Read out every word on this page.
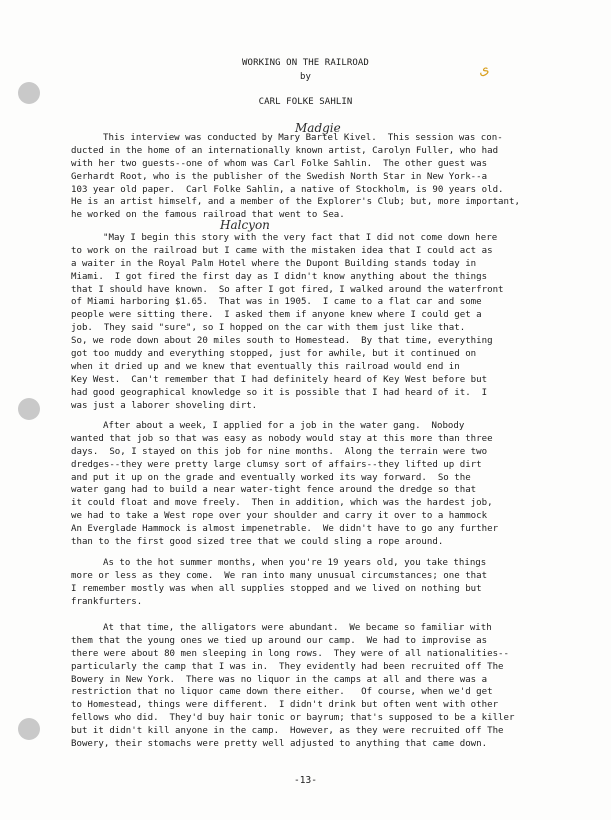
WORKING ON THE RAILROAD
by
CARL FOLKE SAHLIN
ی
Madgie
Halcyon
This interview was conducted by Mary Bartel Kivel.  This session was con-
ducted in the home of an internationally known artist, Carolyn Fuller, who had
with her two guests--one of whom was Carl Folke Sahlin.  The other guest was
Gerhardt Root, who is the publisher of the Swedish North Star in New York--a
103 year old paper.  Carl Folke Sahlin, a native of Stockholm, is 90 years old.
He is an artist himself, and a member of the Explorer's Club; but, more important,
he worked on the famous railroad that went to Sea.
"May I begin this story with the very fact that I did not come down here
to work on the railroad but I came with the mistaken idea that I could act as
a waiter in the Royal Palm Hotel where the Dupont Building stands today in
Miami.  I got fired the first day as I didn't know anything about the things
that I should have known.  So after I got fired, I walked around the waterfront
of Miami harboring $1.65.  That was in 1905.  I came to a flat car and some
people were sitting there.  I asked them if anyone knew where I could get a
job.  They said "sure", so I hopped on the car with them just like that.
So, we rode down about 20 miles south to Homestead.  By that time, everything
got too muddy and everything stopped, just for awhile, but it continued on
when it dried up and we knew that eventually this railroad would end in
Key West.  Can't remember that I had definitely heard of Key West before but
had good geographical knowledge so it is possible that I had heard of it.  I
was just a laborer shoveling dirt.
After about a week, I applied for a job in the water gang.  Nobody
wanted that job so that was easy as nobody would stay at this more than three
days.  So, I stayed on this job for nine months.  Along the terrain were two
dredges--they were pretty large clumsy sort of affairs--they lifted up dirt
and put it up on the grade and eventually worked its way forward.  So the
water gang had to build a near water-tight fence around the dredge so that
it could float and move freely.  Then in addition, which was the hardest job,
we had to take a West rope over your shoulder and carry it over to a hammock
An Everglade Hammock is almost impenetrable.  We didn't have to go any further
than to the first good sized tree that we could sling a rope around.
As to the hot summer months, when you're 19 years old, you take things
more or less as they come.  We ran into many unusual circumstances; one that
I remember mostly was when all supplies stopped and we lived on nothing but
frankfurters.
At that time, the alligators were abundant.  We became so familiar with
them that the young ones we tied up around our camp.  We had to improvise as
there were about 80 men sleeping in long rows.  They were of all nationalities--
particularly the camp that I was in.  They evidently had been recruited off The
Bowery in New York.  There was no liquor in the camps at all and there was a
restriction that no liquor came down there either.   Of course, when we'd get
to Homestead, things were different.  I didn't drink but often went with other
fellows who did.  They'd buy hair tonic or bayrum; that's supposed to be a killer
but it didn't kill anyone in the camp.  However, as they were recruited off The
Bowery, their stomachs were pretty well adjusted to anything that came down.
-13-
